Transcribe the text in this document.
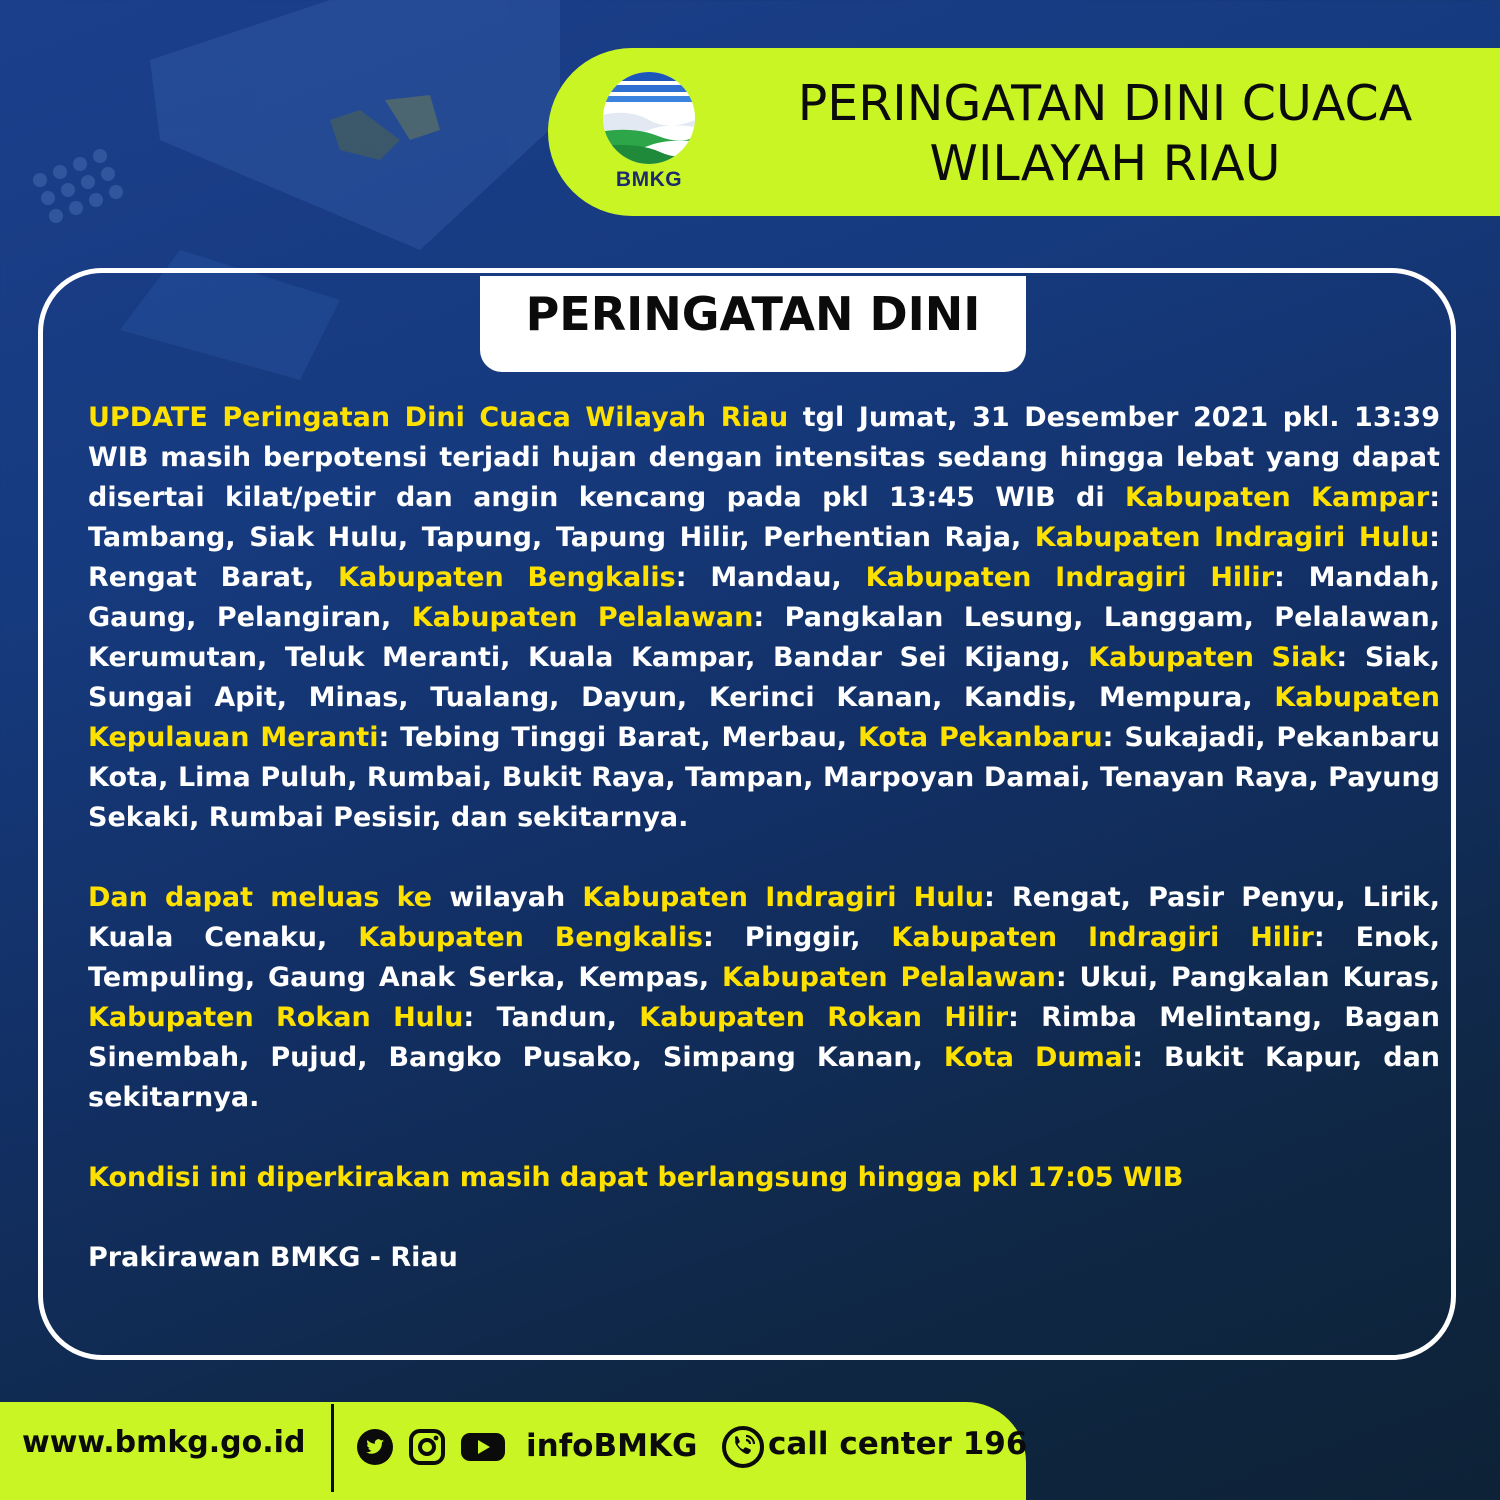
BMKG
PERINGATAN DINI CUACA
WILAYAH RIAU
PERINGATAN DINI

UPDATE Peringatan Dini Cuaca Wilayah Riau tgl Jumat, 31 Desember 2021 pkl. 13:39 WIB masih berpotensi terjadi hujan dengan intensitas sedang hingga lebat yang dapat disertai kilat/petir dan angin kencang pada pkl 13:45 WIB di Kabupaten Kampar: Tambang, Siak Hulu, Tapung, Tapung Hilir, Perhentian Raja, Kabupaten Indragiri Hulu: Rengat Barat, Kabupaten Bengkalis: Mandau, Kabupaten Indragiri Hilir: Mandah, Gaung, Pelangiran, Kabupaten Pelalawan: Pangkalan Lesung, Langgam, Pelalawan, Kerumutan, Teluk Meranti, Kuala Kampar, Bandar Sei Kijang, Kabupaten Siak: Siak, Sungai Apit, Minas, Tualang, Dayun, Kerinci Kanan, Kandis, Mempura, Kabupaten Kepulauan Meranti: Tebing Tinggi Barat, Merbau, Kota Pekanbaru: Sukajadi, Pekanbaru Kota, Lima Puluh, Rumbai, Bukit Raya, Tampan, Marpoyan Damai, Tenayan Raya, Payung Sekaki, Rumbai Pesisir, dan sekitarnya.

Dan dapat meluas ke wilayah Kabupaten Indragiri Hulu: Rengat, Pasir Penyu, Lirik, Kuala Cenaku, Kabupaten Bengkalis: Pinggir, Kabupaten Indragiri Hilir: Enok, Tempuling, Gaung Anak Serka, Kempas, Kabupaten Pelalawan: Ukui, Pangkalan Kuras, Kabupaten Rokan Hulu: Tandun, Kabupaten Rokan Hilir: Rimba Melintang, Bagan Sinembah, Pujud, Bangko Pusako, Simpang Kanan, Kota Dumai: Bukit Kapur, dan sekitarnya.

Kondisi ini diperkirakan masih dapat berlangsung hingga pkl 17:05 WIB

Prakirawan BMKG - Riau

www.bmkg.go.id	infoBMKG call center 196
